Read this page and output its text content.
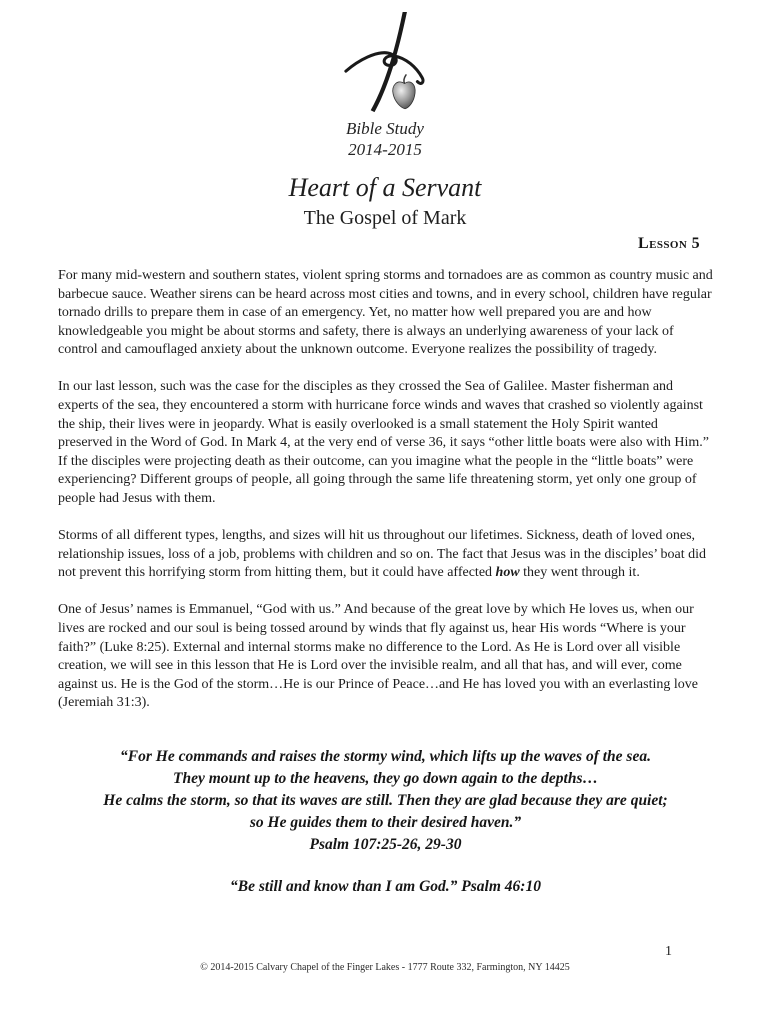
Bible Study
2014-2015
Heart of a Servant
The Gospel of Mark
Lesson 5

For many mid-western and southern states, violent spring storms and tornadoes are as common as country music and barbecue sauce. Weather sirens can be heard across most cities and towns, and in every school, children have regular tornado drills to prepare them in case of an emergency. Yet, no matter how well prepared you are and how knowledgeable you might be about storms and safety, there is always an underlying awareness of your lack of control and camouflaged anxiety about the unknown outcome. Everyone realizes the possibility of tragedy.

In our last lesson, such was the case for the disciples as they crossed the Sea of Galilee. Master fisherman and experts of the sea, they encountered a storm with hurricane force winds and waves that crashed so violently against the ship, their lives were in jeopardy. What is easily overlooked is a small statement the Holy Spirit wanted preserved in the Word of God. In Mark 4, at the very end of verse 36, it says “other little boats were also with Him.” If the disciples were projecting death as their outcome, can you imagine what the people in the “little boats” were experiencing? Different groups of people, all going through the same life threatening storm, yet only one group of people had Jesus with them.

Storms of all different types, lengths, and sizes will hit us throughout our lifetimes. Sickness, death of loved ones, relationship issues, loss of a job, problems with children and so on. The fact that Jesus was in the disciples’ boat did not prevent this horrifying storm from hitting them, but it could have affected how they went through it.

One of Jesus’ names is Emmanuel, “God with us.” And because of the great love by which He loves us, when our lives are rocked and our soul is being tossed around by winds that fly against us, hear His words “Where is your faith?” (Luke 8:25). External and internal storms make no difference to the Lord. As He is Lord over all visible creation, we will see in this lesson that He is Lord over the invisible realm, and all that has, and will ever, come against us. He is the God of the storm…He is our Prince of Peace…and He has loved you with an everlasting love (Jeremiah 31:3).

“For He commands and raises the stormy wind, which lifts up the waves of the sea.
They mount up to the heavens, they go down again to the depths…
He calms the storm, so that its waves are still. Then they are glad because they are quiet;
so He guides them to their desired haven.”
Psalm 107:25-26, 29-30
“Be still and know than I am God.” Psalm 46:10
1
© 2014-2015 Calvary Chapel of the Finger Lakes - 1777 Route 332, Farmington, NY 14425
